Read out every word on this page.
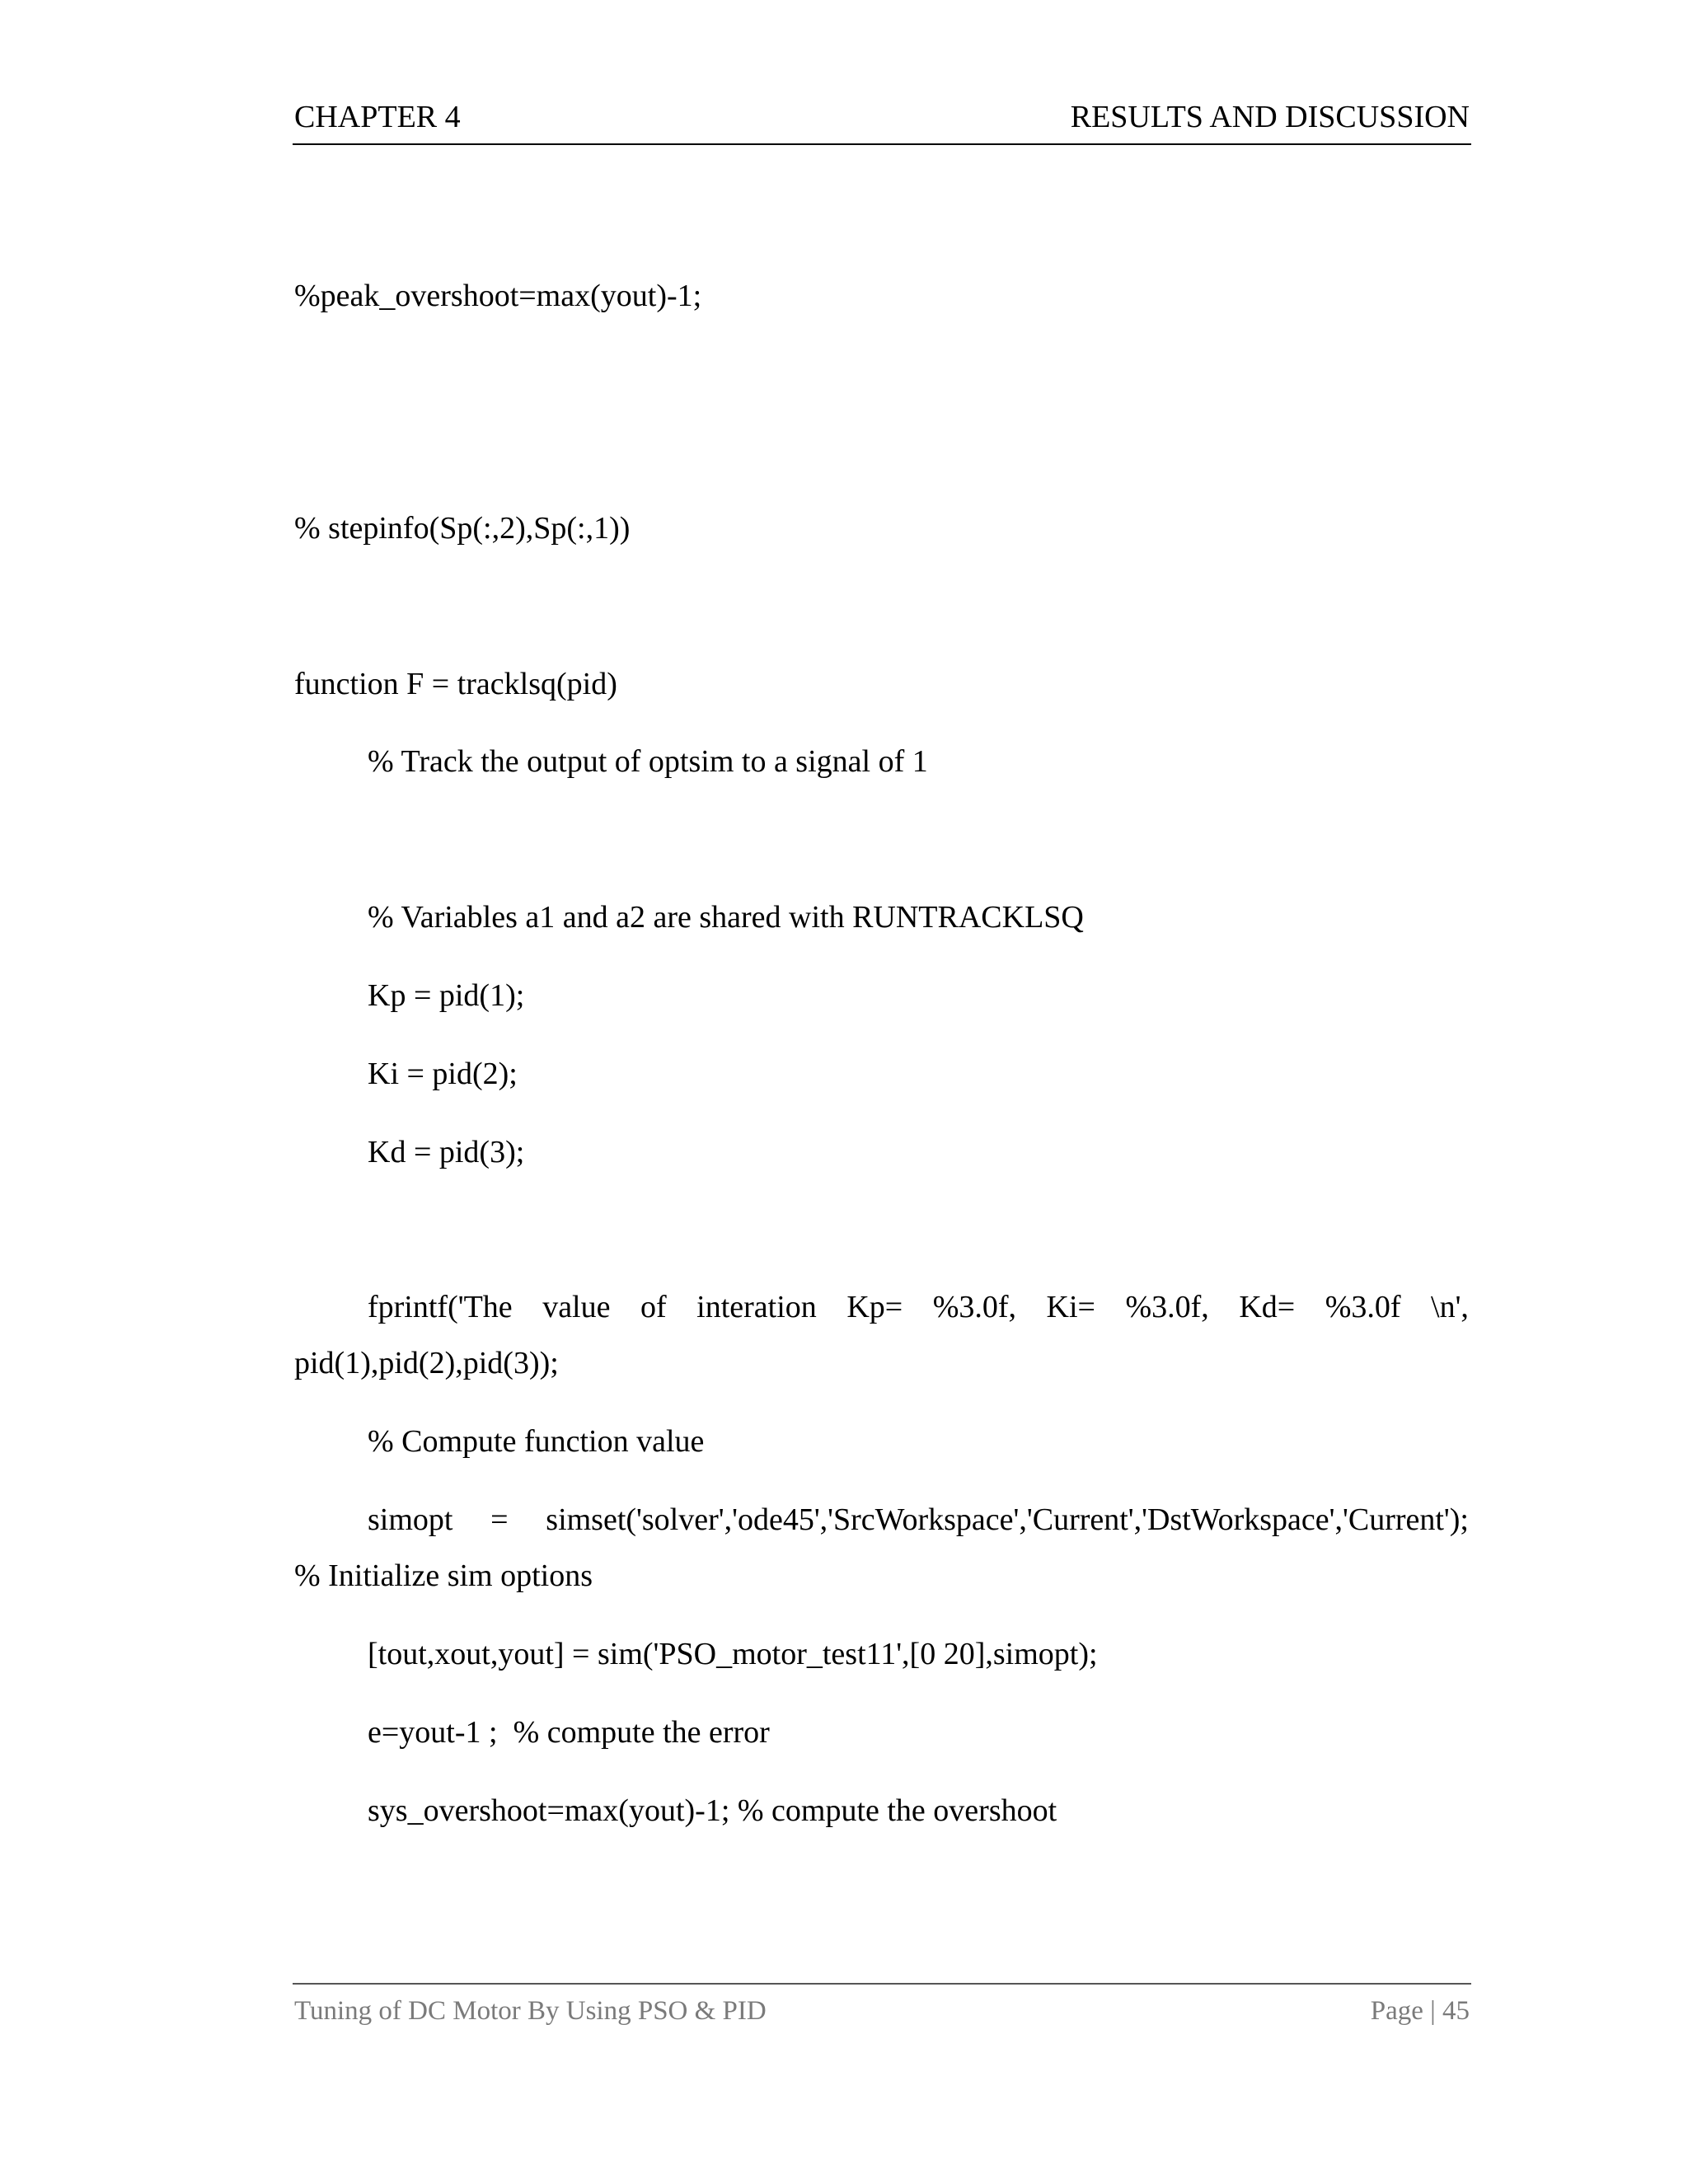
CHAPTER 4	RESULTS AND DISCUSSION
%peak_overshoot=max(yout)-1;
% stepinfo(Sp(:,2),Sp(:,1))
function F = tracklsq(pid)
% Track the output of optsim to a signal of 1
% Variables a1 and a2 are shared with RUNTRACKLSQ
Kp = pid(1);
Ki = pid(2);
Kd = pid(3);
fprintf('The value of interation Kp= %3.0f, Ki= %3.0f, Kd= %3.0f \n',
pid(1),pid(2),pid(3));
% Compute function value
simopt = simset('solver','ode45','SrcWorkspace','Current','DstWorkspace','Current');
% Initialize sim options
[tout,xout,yout] = sim('PSO_motor_test11',[0 20],simopt);
e=yout-1 ;  % compute the error
sys_overshoot=max(yout)-1; % compute the overshoot
Tuning of DC Motor By Using PSO & PID	Page | 45
